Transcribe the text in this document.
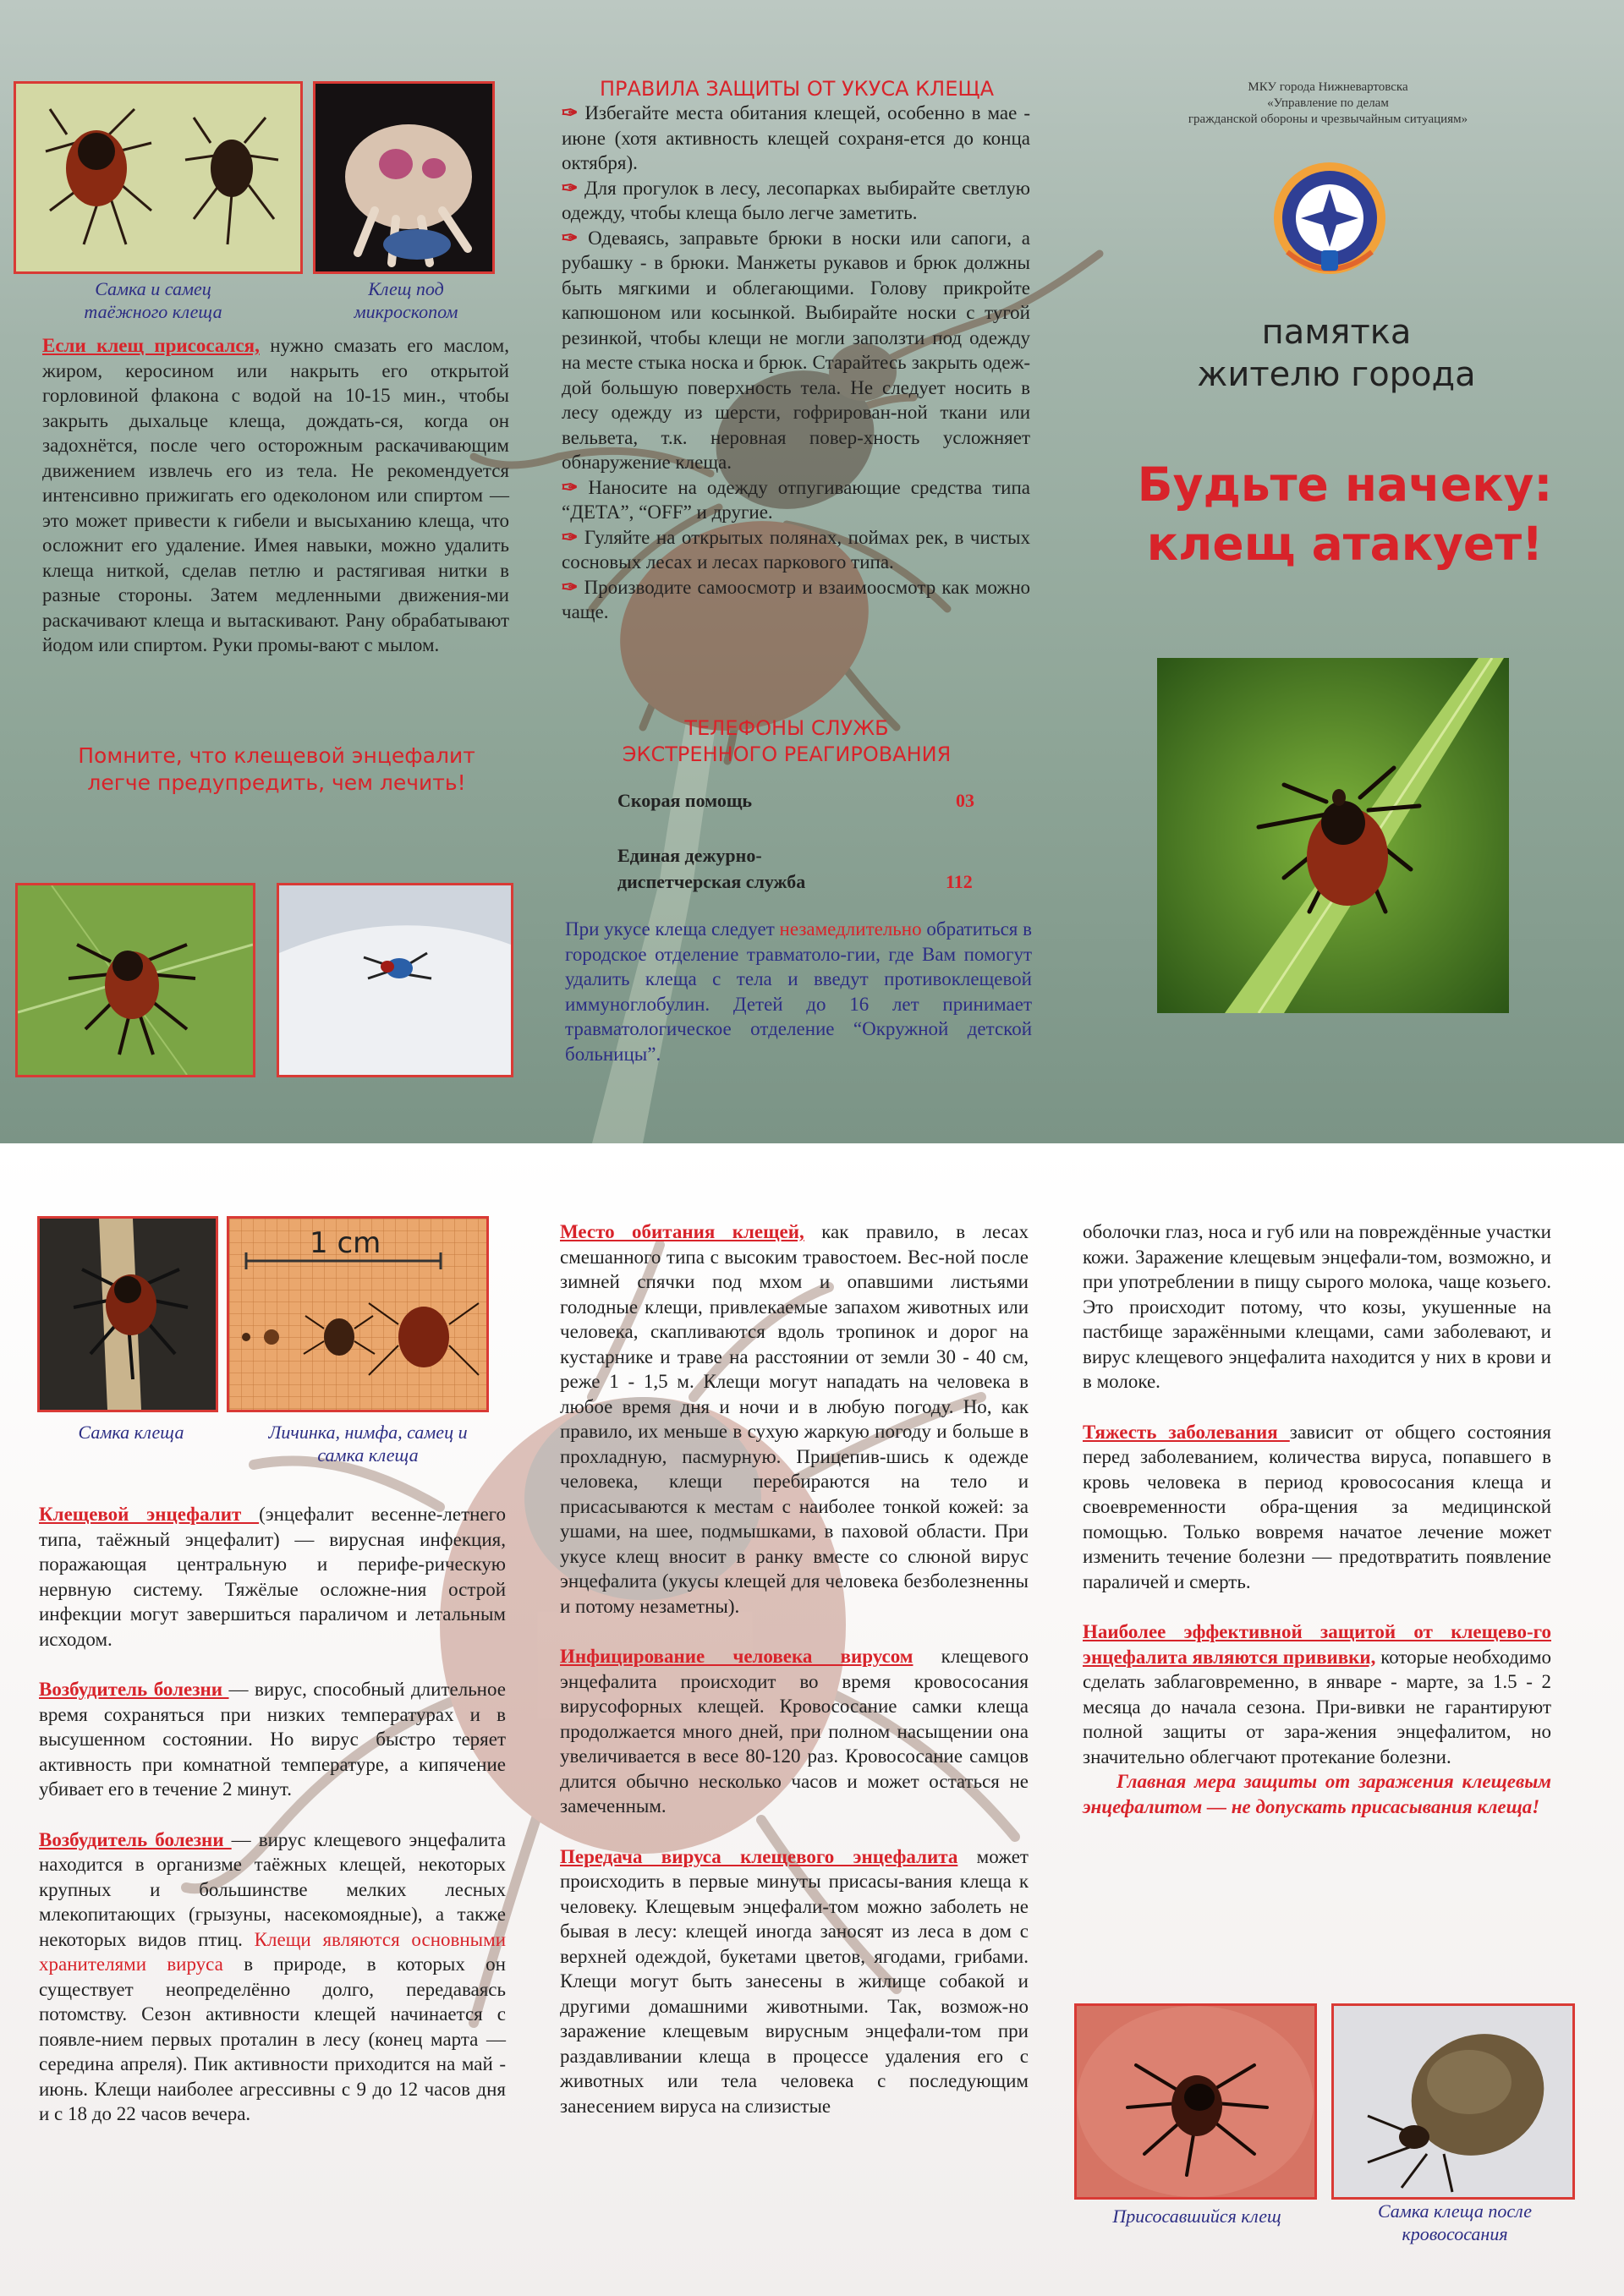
Самка и самец таёжного клеща
Клещ под микроскопом

Если клещ присосался, нужно смазать его маслом, жиром, керосином или накрыть его открытой горловиной флакона с водой на 10-15 мин., чтобы закрыть дыхальце клеща, дождать-ся, когда он задохнётся, после чего осторожным раскачивающим движением извлечь его из тела. Не рекомендуется интенсивно прижигать его одеколоном или спиртом — это может привести к гибели и высыханию клеща, что осложнит его удаление. Имея навыки, можно удалить клеща ниткой, сделав петлю и растягивая нитки в разные стороны. Затем медленными движения-ми раскачивают клеща и вытаскивают. Рану обрабатывают йодом или спиртом. Руки промы-вают с мылом.

Помните, что клещевой энцефалит легче предупредить, чем лечить!
ПРАВИЛА ЗАЩИТЫ ОТ УКУСА КЛЕЩА

✑ Избегайте места обитания клещей, особенно в мае - июне (хотя активность клещей сохраня-ется до конца октября).

✑ Для прогулок в лесу, лесопарках выбирайте светлую одежду, чтобы клеща было легче заметить.

✑ Одеваясь, заправьте брюки в носки или сапоги, а рубашку - в брюки. Манжеты рукавов и брюк должны быть мягкими и облегающими. Голову прикройте капюшоном или косынкой. Выбирайте носки с тугой резинкой, чтобы клещи не могли заползти под одежду на месте стыка носка и брюк. Старайтесь закрыть одеж-дой большую поверхность тела. Не следует носить в лесу одежду из шерсти, гофрирован-ной ткани или вельвета, т.к. неровная повер-хность усложняет обнаружение клеща.

✑ Наносите на одежду отпугивающие средства типа “ДЕТА”, “OFF” и другие.

✑ Гуляйте на открытых полянах, поймах рек, в чистых сосновых лесах и лесах паркового типа.

✑ Производите самоосмотр и взаимоосмотр как можно чаще.

ТЕЛЕФОНЫ СЛУЖБ ЭКСТРЕННОГО РЕАГИРОВАНИЯ
Скорая помощь	03
Единая дежурно-диспетчерская служба	112

При укусе клеща следует незамедлительно обратиться в городское отделение травматоло-гии, где Вам помогут удалить клеща с тела и введут противоклещевой иммуноглобулин. Детей до 16 лет принимает травматологическое отделение “Окружной детской больницы”.

МКУ города Нижневартовска
«Управление по делам
гражданской обороны и чрезвычайным ситуациям»
памятка
жителю города
Будьте начеку:
клещ атакует!
1 cm
Самка клеща	Личинка, нимфа, самец и самка клеща

Клещевой энцефалит (энцефалит весенне-летнего типа, таёжный энцефалит) — вирусная инфекция, поражающая центральную и перифе-рическую нервную систему. Тяжёлые осложне-ния острой инфекции могут завершиться параличом и летальным исходом.

Возбудитель болезни — вирус, способный длительное время сохраняться при низких температурах и в высушенном состоянии. Но вирус быстро теряет активность при комнатной температуре, а кипячение убивает его в течение 2 минут.

Возбудитель болезни — вирус клещевого энцефалита находится в организме таёжных клещей, некоторых крупных и большинстве мелких лесных млекопитающих (грызуны, насекомоядные), а также некоторых видов птиц. Клещи являются основными хранителями вируса в природе, в которых он существует неопределённо долго, передаваясь потомству. Сезон активности клещей начинается с появле-нием первых проталин в лесу (конец марта — середина апреля). Пик активности приходится на май - июнь. Клещи наиболее агрессивны с 9 до 12 часов дня и с 18 до 22 часов вечера.

Место обитания клещей, как правило, в лесах смешанного типа с высоким травостоем. Вес-ной после зимней спячки под мхом и опавшими листьями голодные клещи, привлекаемые запахом животных или человека, скапливаются вдоль тропинок и дорог на кустарнике и траве на расстоянии от земли 30 - 40 см, реже 1 - 1,5 м. Клещи могут нападать на человека в любое время дня и ночи и в любую погоду. Но, как правило, их меньше в сухую жаркую погоду и больше в прохладную, пасмурную. Прицепив-шись к одежде человека, клещи перебираются на тело и присасываются к местам с наиболее тонкой кожей: за ушами, на шее, подмышками, в паховой области. При укусе клещ вносит в ранку вместе со слюной вирус энцефалита (укусы клещей для человека безболезненны и потому незаметны).

Инфицирование человека вирусом клещевого энцефалита происходит во время кровососания вирусофорных клещей. Кровососание самки клеща продолжается много дней, при полном насыщении она увеличивается в весе 80-120 раз. Кровососание самцов длится обычно несколько часов и может остаться не замеченным.

Передача вируса клещевого энцефалита может происходить в первые минуты присасы-вания клеща к человеку. Клещевым энцефали-том можно заболеть не бывая в лесу: клещей иногда заносят из леса в дом с верхней одеждой, букетами цветов, ягодами, грибами. Клещи могут быть занесены в жилище собакой и другими домашними животными. Так, возмож-но заражение клещевым вирусным энцефали-том при раздавливании клеща в процессе удаления его с животных или тела человека с последующим занесением вируса на слизистые

оболочки глаз, носа и губ или на повреждённые участки кожи. Заражение клещевым энцефали-том, возможно, и при употреблении в пищу сырого молока, чаще козьего. Это происходит потому, что козы, укушенные на пастбище заражёнными клещами, сами заболевают, и вирус клещевого энцефалита находится у них в крови и в молоке.

Тяжесть заболевания зависит от общего состояния перед заболеванием, количества вируса, попавшего в кровь человека в период кровососания клеща и своевременности обра-щения за медицинской помощью. Только вовремя начатое лечение может изменить течение болезни — предотвратить появление параличей и смерть.

Наиболее эффективной защитой от клещево-го энцефалита являются прививки, которые необходимо сделать заблаговременно, в январе - марте, за 1.5 - 2 месяца до начала сезона. При-вивки не гарантируют полной защиты от зара-жения энцефалитом, но значительно облегчают протекание болезни.

Главная мера защиты от заражения клещевым энцефалитом — не допускать присасывания клеща!

Присосавшийся клещ	Самка клеща после кровососания
